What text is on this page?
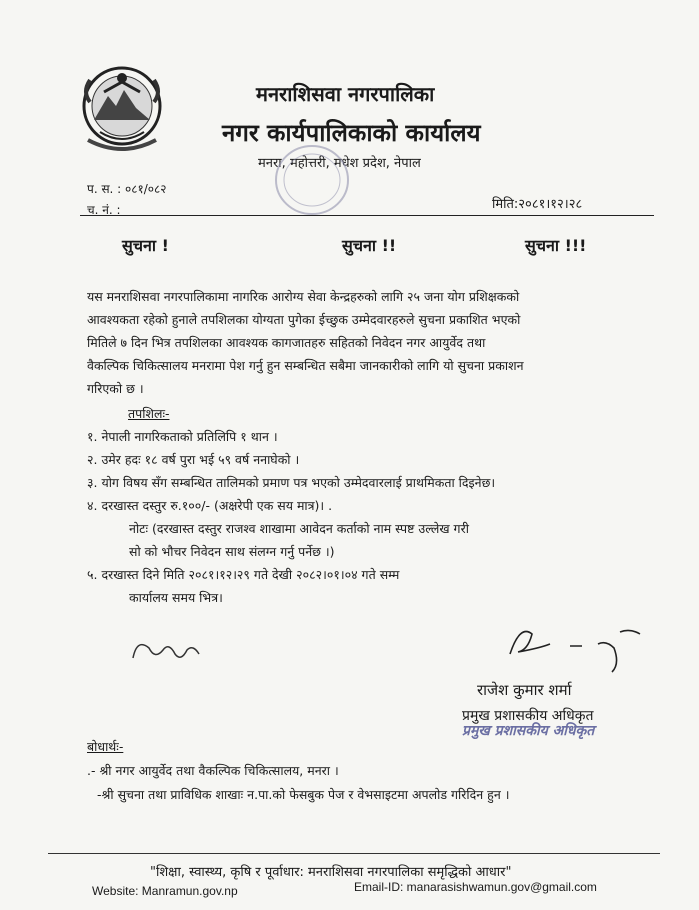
मनराशिसवा नगरपालिका
नगर कार्यपालिकाको कार्यालय
मनरा, महोत्तरी, मधेश प्रदेश, नेपाल
प. स. : ०८१/०८२
च. नं. :	मिति:२०८१।१२।२८
सुचना !	सुचना !!	सुचना !!!
यस मनराशिसवा नगरपालिकामा नागरिक आरोग्य सेवा केन्द्रहरुको लागि २५ जना योग प्रशिक्षकको
आवश्यकता रहेको हुनाले तपशिलका योग्यता पुगेका ईच्छुक उम्मेदवारहरुले सुचना प्रकाशित भएको
मितिले ७ दिन भित्र तपशिलका आवश्यक कागजातहरु सहितको निवेदन नगर आयुर्वेद तथा
वैकल्पिक चिकित्सालय मनरामा पेश गर्नु हुन सम्बन्धित सबैमा जानकारीको लागि यो सुचना प्रकाशन
गरिएको छ ।
तपशिलः-
१. नेपाली नागरिकताको प्रतिलिपि १ थान ।
२. उमेर हदः १८ वर्ष पुरा भई ५९ वर्ष ननाघेको ।
३. योग विषय सँग सम्बन्धित तालिमको प्रमाण पत्र भएको उम्मेदवारलाई प्राथमिकता दिइनेछ।
४. दरखास्त दस्तुर रु.१००/- (अक्षरेपी एक सय मात्र)। .
नोटः (दरखास्त दस्तुर राजश्व शाखामा आवेदन कर्ताको नाम स्पष्ट उल्लेख गरी
सो को भौचर निवेदन साथ संलग्न गर्नु पर्नेछ ।)
५. दरखास्त दिने मिति २०८१।१२।२९ गते देखी २०८२।०१।०४ गते सम्म
कार्यालय समय भित्र।
राजेश कुमार शर्मा
प्रमुख प्रशासकीय अधिकृत
प्रमुख प्रशासकीय अधिकृत
बोधार्थः-
.- श्री नगर आयुर्वेद तथा वैकल्पिक चिकित्सालय, मनरा ।
-श्री सुचना तथा प्राविधिक शाखाः न.पा.को फेसबुक पेज र वेभसाइटमा अपलोड गरिदिन हुन ।
"शिक्षा, स्वास्थ्य, कृषि र पूर्वाधार: मनराशिसवा नगरपालिका समृद्धिको आधार"
Website: Manramun.gov.np	Email-ID: manarasishwamun.gov@gmail.com
